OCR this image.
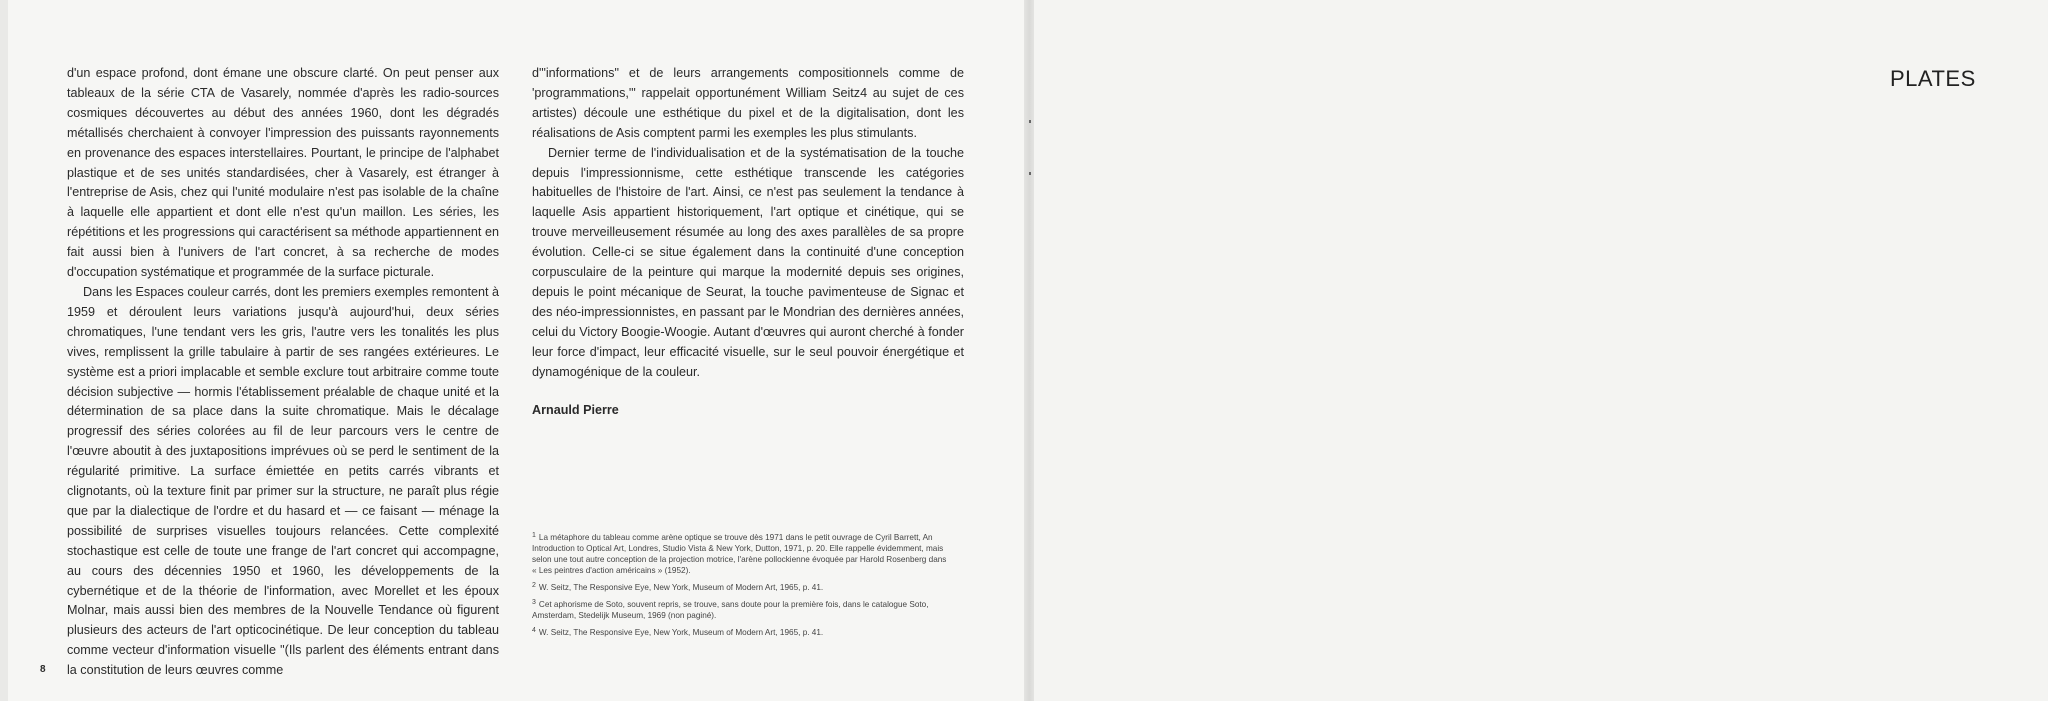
d'un espace profond, dont émane une obscure clarté. On peut penser aux tableaux de la série CTA de Vasarely, nommée d'après les radio-sources cosmiques découvertes au début des années 1960, dont les dégradés métallisés cherchaient à convoyer l'impression des puissants rayonnements en provenance des espaces interstellaires. Pourtant, le principe de l'alphabet plastique et de ses unités standardisées, cher à Vasarely, est étranger à l'entreprise de Asis, chez qui l'unité modulaire n'est pas isolable de la chaîne à laquelle elle appartient et dont elle n'est qu'un maillon. Les séries, les répétitions et les progressions qui caractérisent sa méthode appartiennent en fait aussi bien à l'univers de l'art concret, à sa recherche de modes d'occupation systématique et programmée de la surface picturale.

Dans les Espaces couleur carrés, dont les premiers exemples remontent à 1959 et déroulent leurs variations jusqu'à aujourd'hui, deux séries chromatiques, l'une tendant vers les gris, l'autre vers les tonalités les plus vives, remplissent la grille tabulaire à partir de ses rangées extérieures. Le système est a priori implacable et semble exclure tout arbitraire comme toute décision subjective — hormis l'établissement préalable de chaque unité et la détermination de sa place dans la suite chromatique. Mais le décalage progressif des séries colorées au fil de leur parcours vers le centre de l'œuvre aboutit à des juxtapositions imprévues où se perd le sentiment de la régularité primitive. La surface émiettée en petits carrés vibrants et clignotants, où la texture finit par primer sur la structure, ne paraît plus régie que par la dialectique de l'ordre et du hasard et — ce faisant — ménage la possibilité de surprises visuelles toujours relancées. Cette complexité stochastique est celle de toute une frange de l'art concret qui accompagne, au cours des décennies 1950 et 1960, les développements de la cybernétique et de la théorie de l'information, avec Morellet et les époux Molnar, mais aussi bien des membres de la Nouvelle Tendance où figurent plusieurs des acteurs de l'art opticocinétique. De leur conception du tableau comme vecteur d'information visuelle "(Ils parlent des éléments entrant dans la constitution de leurs œuvres comme

d'"informations" et de leurs arrangements compositionnels comme de 'programmations,'" rappelait opportunément William Seitz4 au sujet de ces artistes) découle une esthétique du pixel et de la digitalisation, dont les réalisations de Asis comptent parmi les exemples les plus stimulants.

Dernier terme de l'individualisation et de la systématisation de la touche depuis l'impressionnisme, cette esthétique transcende les catégories habituelles de l'histoire de l'art. Ainsi, ce n'est pas seulement la tendance à laquelle Asis appartient historiquement, l'art optique et cinétique, qui se trouve merveilleusement résumée au long des axes parallèles de sa propre évolution. Celle-ci se situe également dans la continuité d'une conception corpusculaire de la peinture qui marque la modernité depuis ses origines, depuis le point mécanique de Seurat, la touche pavimenteuse de Signac et des néo-impressionnistes, en passant par le Mondrian des dernières années, celui du Victory Boogie-Woogie. Autant d'œuvres qui auront cherché à fonder leur force d'impact, leur efficacité visuelle, sur le seul pouvoir énergétique et dynamogénique de la couleur.

Arnauld Pierre

$^1$ La métaphore du tableau comme arène optique se trouve dès 1971 dans le petit ouvrage de Cyril Barrett, An Introduction to Optical Art, Londres, Studio Vista & New York, Dutton, 1971, p. 20. Elle rappelle évidemment, mais selon une tout autre conception de la projection motrice, l'arène pollockienne évoquée par Harold Rosenberg dans « Les peintres d'action américains » (1952).

$^2$ W. Seitz, The Responsive Eye, New York, Museum of Modern Art, 1965, p. 41.

$^3$ Cet aphorisme de Soto, souvent repris, se trouve, sans doute pour la première fois, dans le catalogue Soto, Amsterdam, Stedelijk Museum, 1969 (non paginé).

$^4$ W. Seitz, The Responsive Eye, New York, Museum of Modern Art, 1965, p. 41.

8
PLATES
